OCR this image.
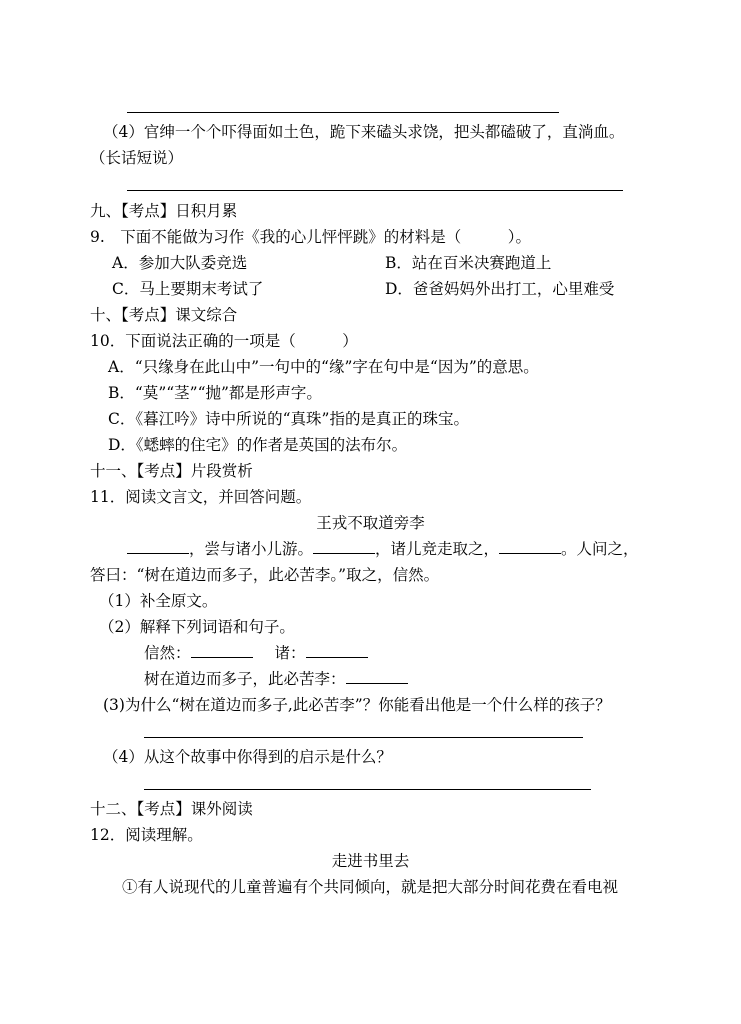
（4）官绅一个个吓得面如土色，跪下来磕头求饶，把头都磕破了，直淌血。
（长话短说）
九、【考点】日积月累
9.　下面不能做为习作《我的心儿怦怦跳》的材料是（　　　）。
A．参加大队委竞选	B．站在百米决赛跑道上
C．马上要期末考试了	D．爸爸妈妈外出打工，心里难受
十、【考点】课文综合
10．下面说法正确的一项是（　　　）
A．“只缘身在此山中”一句中的“缘”字在句中是“因为”的意思。
B．“莫”“茎”“抛”都是形声字。
C．《暮江吟》诗中所说的“真珠”指的是真正的珠宝。
D．《蟋蟀的住宅》的作者是英国的法布尔。
十一、【考点】片段赏析
11．阅读文言文，并回答问题。
王戎不取道旁李
，尝与诸小儿游。	，诸儿竞走取之，	。人问之，
答曰：“树在道边而多子，此必苦李。”取之，信然。
（1）补全原文。
（2）解释下列词语和句子。
信然：	诸：
树在道边而多子，此必苦李：
(3)为什么“树在道边而多子,此必苦李”？你能看出他是一个什么样的孩子？
（4）从这个故事中你得到的启示是什么？
十二、【考点】课外阅读
12．阅读理解。
走进书里去
①有人说现代的儿童普遍有个共同倾向，就是把大部分时间花费在看电视
